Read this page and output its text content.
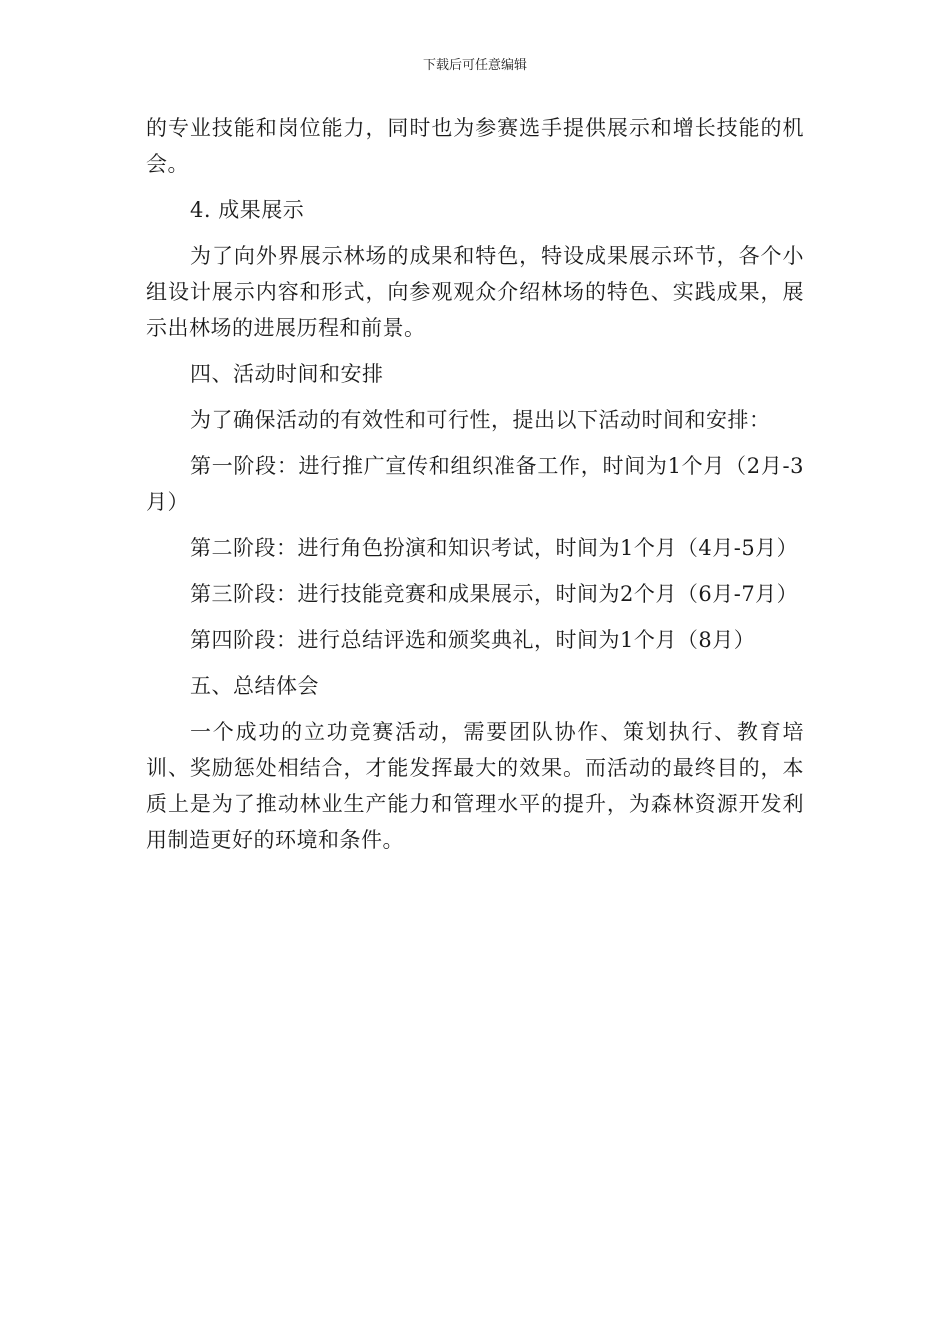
下载后可任意编辑

的专业技能和岗位能力，同时也为参赛选手提供展示和增长技能的机会。

4. 成果展示

为了向外界展示林场的成果和特色，特设成果展示环节，各个小组设计展示内容和形式，向参观观众介绍林场的特色、实践成果，展示出林场的进展历程和前景。

四、活动时间和安排

为了确保活动的有效性和可行性，提出以下活动时间和安排：

第一阶段：进行推广宣传和组织准备工作，时间为1个月（2月-3月）

第二阶段：进行角色扮演和知识考试，时间为1个月（4月-5月）

第三阶段：进行技能竞赛和成果展示，时间为2个月（6月-7月）

第四阶段：进行总结评选和颁奖典礼，时间为1个月（8月）

五、总结体会

一个成功的立功竞赛活动，需要团队协作、策划执行、教育培训、奖励惩处相结合，才能发挥最大的效果。而活动的最终目的，本质上是为了推动林业生产能力和管理水平的提升，为森林资源开发利用制造更好的环境和条件。
